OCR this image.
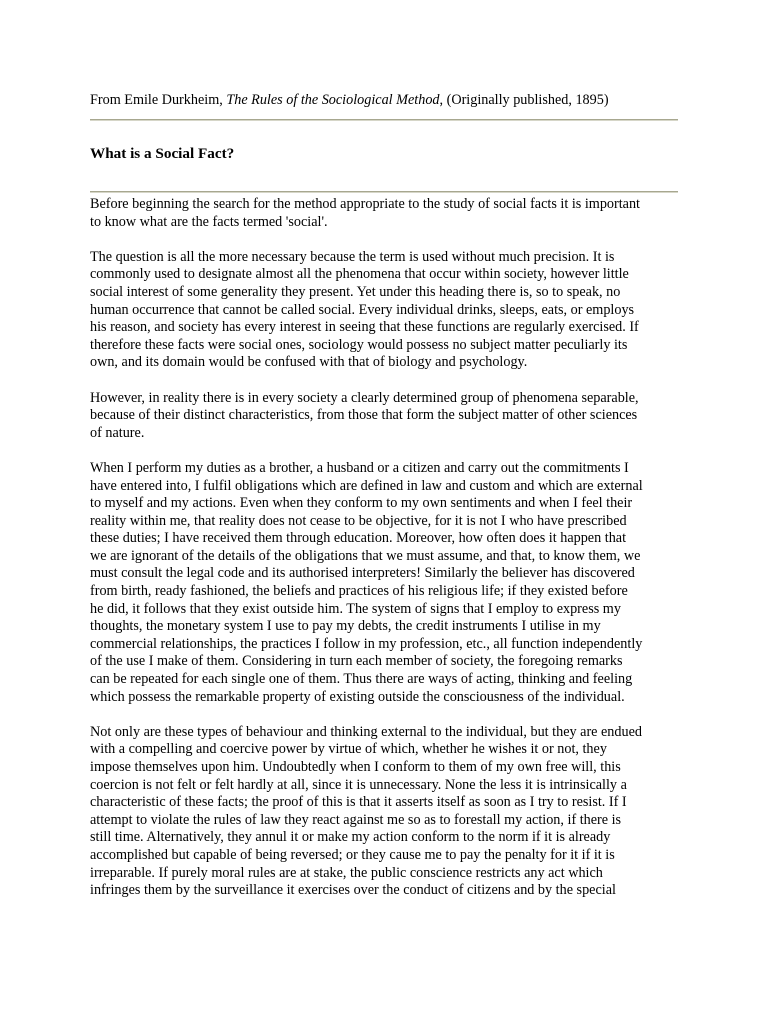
From Emile Durkheim, The Rules of the Sociological Method, (Originally published, 1895)
What is a Social Fact?

Before beginning the search for the method appropriate to the study of social facts it is important
to know what are the facts termed 'social'.

The question is all the more necessary because the term is used without much precision. It is
commonly used to designate almost all the phenomena that occur within society, however little
social interest of some generality they present. Yet under this heading there is, so to speak, no
human occurrence that cannot be called social. Every individual drinks, sleeps, eats, or employs
his reason, and society has every interest in seeing that these functions are regularly exercised. If
therefore these facts were social ones, sociology would possess no subject matter peculiarly its
own, and its domain would be confused with that of biology and psychology.

However, in reality there is in every society a clearly determined group of phenomena separable,
because of their distinct characteristics, from those that form the subject matter of other sciences
of nature.

When I perform my duties as a brother, a husband or a citizen and carry out the commitments I
have entered into, I fulfil obligations which are defined in law and custom and which are external
to myself and my actions. Even when they conform to my own sentiments and when I feel their
reality within me, that reality does not cease to be objective, for it is not I who have prescribed
these duties; I have received them through education. Moreover, how often does it happen that
we are ignorant of the details of the obligations that we must assume, and that, to know them, we
must consult the legal code and its authorised interpreters! Similarly the believer has discovered
from birth, ready fashioned, the beliefs and practices of his religious life; if they existed before
he did, it follows that they exist outside him. The system of signs that I employ to express my
thoughts, the monetary system I use to pay my debts, the credit instruments I utilise in my
commercial relationships, the practices I follow in my profession, etc., all function independently
of the use I make of them. Considering in turn each member of society, the foregoing remarks
can be repeated for each single one of them. Thus there are ways of acting, thinking and feeling
which possess the remarkable property of existing outside the consciousness of the individual.

Not only are these types of behaviour and thinking external to the individual, but they are endued
with a compelling and coercive power by virtue of which, whether he wishes it or not, they
impose themselves upon him. Undoubtedly when I conform to them of my own free will, this
coercion is not felt or felt hardly at all, since it is unnecessary. None the less it is intrinsically a
characteristic of these facts; the proof of this is that it asserts itself as soon as I try to resist. If I
attempt to violate the rules of law they react against me so as to forestall my action, if there is
still time. Alternatively, they annul it or make my action conform to the norm if it is already
accomplished but capable of being reversed; or they cause me to pay the penalty for it if it is
irreparable. If purely moral rules are at stake, the public conscience restricts any act which
infringes them by the surveillance it exercises over the conduct of citizens and by the special
